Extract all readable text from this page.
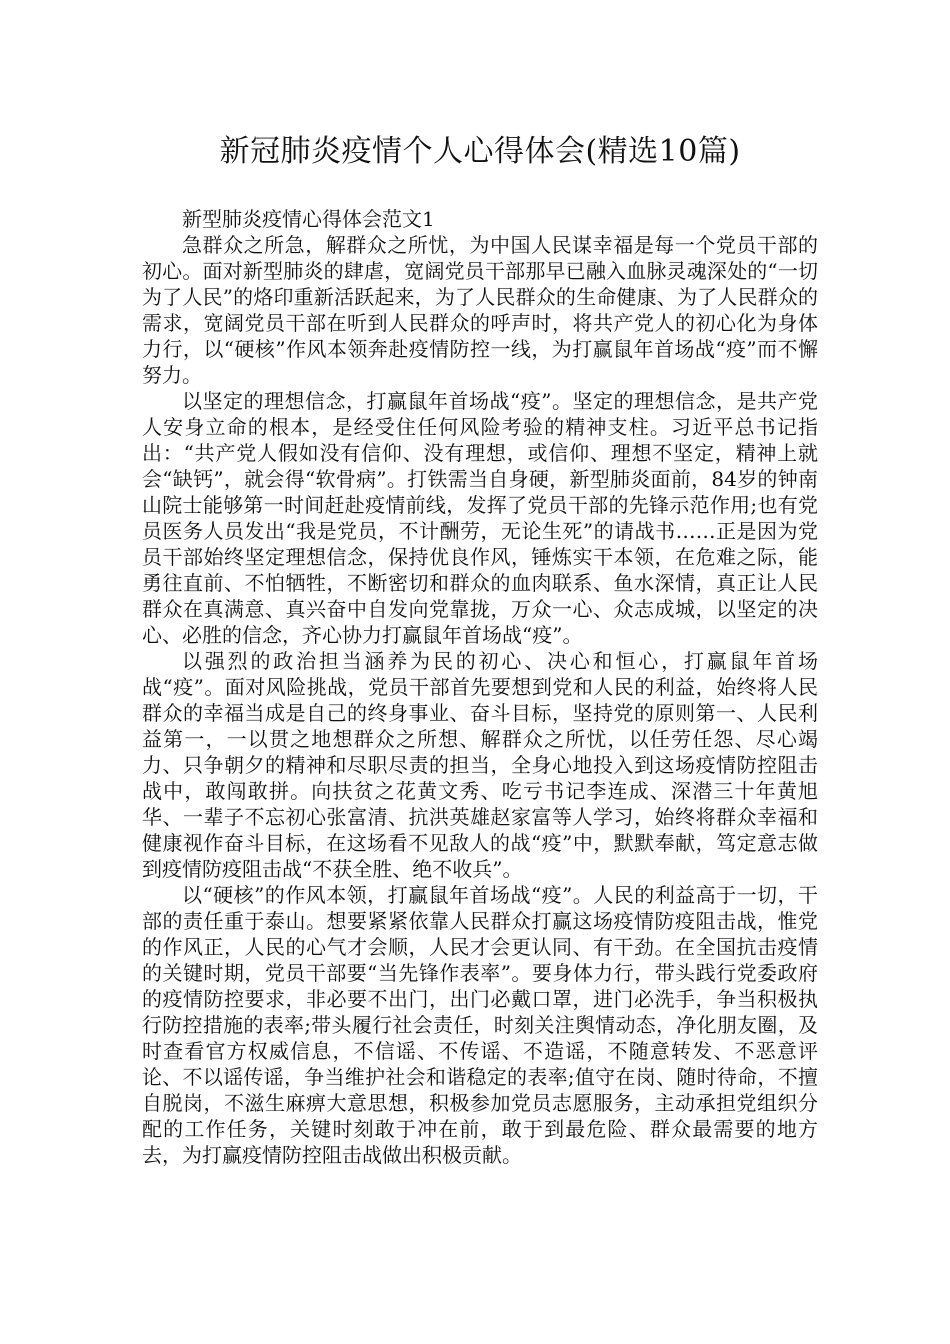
新冠肺炎疫情个人心得体会(精选10篇)

新型肺炎疫情心得体会范文1

急群众之所急，解群众之所忧，为中国人民谋幸福是每一个党员干部的初心。面对新型肺炎的肆虐，宽阔党员干部那早已融入血脉灵魂深处的“一切为了人民”的烙印重新活跃起来，为了人民群众的生命健康、为了人民群众的需求，宽阔党员干部在听到人民群众的呼声时，将共产党人的初心化为身体力行，以“硬核”作风本领奔赴疫情防控一线，为打赢鼠年首场战“疫”而不懈努力。

以坚定的理想信念，打赢鼠年首场战“疫”。坚定的理想信念，是共产党人安身立命的根本，是经受住任何风险考验的精神支柱。习近平总书记指出：“共产党人假如没有信仰、没有理想，或信仰、理想不坚定，精神上就会“缺钙”，就会得“软骨病”。打铁需当自身硬，新型肺炎面前，84岁的钟南山院士能够第一时间赶赴疫情前线，发挥了党员干部的先锋示范作用;也有党员医务人员发出“我是党员，不计酬劳，无论生死”的请战书……正是因为党员干部始终坚定理想信念，保持优良作风，锤炼实干本领，在危难之际，能勇往直前、不怕牺牲，不断密切和群众的血肉联系、鱼水深情，真正让人民群众在真满意、真兴奋中自发向党靠拢，万众一心、众志成城，以坚定的决心、必胜的信念，齐心协力打赢鼠年首场战“疫”。

以强烈的政治担当涵养为民的初心、决心和恒心，打赢鼠年首场战“疫”。面对风险挑战，党员干部首先要想到党和人民的利益，始终将人民群众的幸福当成是自己的终身事业、奋斗目标，坚持党的原则第一、人民利益第一，一以贯之地想群众之所想、解群众之所忧，以任劳任怨、尽心竭力、只争朝夕的精神和尽职尽责的担当，全身心地投入到这场疫情防控阻击战中，敢闯敢拼。向扶贫之花黄文秀、吃亏书记李连成、深潜三十年黄旭华、一辈子不忘初心张富清、抗洪英雄赵家富等人学习，始终将群众幸福和健康视作奋斗目标，在这场看不见敌人的战“疫”中，默默奉献，笃定意志做到疫情防疫阻击战“不获全胜、绝不收兵”。

以“硬核”的作风本领，打赢鼠年首场战“疫”。人民的利益高于一切，干部的责任重于泰山。想要紧紧依靠人民群众打赢这场疫情防疫阻击战，惟党的作风正，人民的心气才会顺，人民才会更认同、有干劲。在全国抗击疫情的关键时期，党员干部要“当先锋作表率”。要身体力行，带头践行党委政府的疫情防控要求，非必要不出门，出门必戴口罩，进门必洗手，争当积极执行防控措施的表率;带头履行社会责任，时刻关注舆情动态，净化朋友圈，及时查看官方权威信息，不信谣、不传谣、不造谣，不随意转发、不恶意评论、不以谣传谣，争当维护社会和谐稳定的表率;值守在岗、随时待命，不擅自脱岗，不滋生麻痹大意思想，积极参加党员志愿服务，主动承担党组织分配的工作任务，关键时刻敢于冲在前，敢于到最危险、群众最需要的地方去，为打赢疫情防控阻击战做出积极贡献。
